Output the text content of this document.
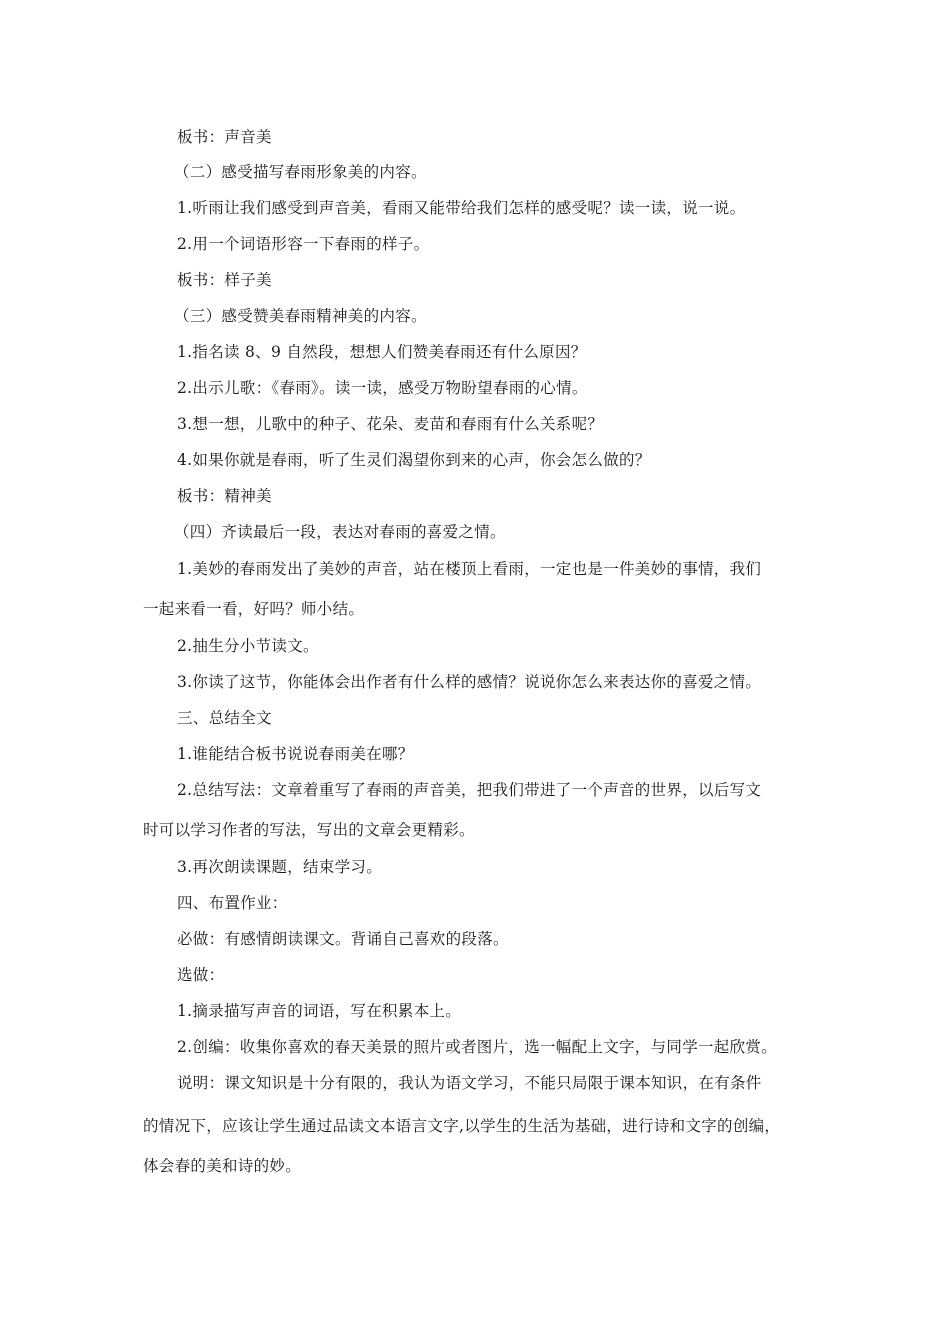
板书：声音美
（二）感受描写春雨形象美的内容。
1.听雨让我们感受到声音美，看雨又能带给我们怎样的感受呢？读一读，说一说。
2.用一个词语形容一下春雨的样子。
板书：样子美
（三）感受赞美春雨精神美的内容。
1.指名读 8、9 自然段，想想人们赞美春雨还有什么原因？
2.出示儿歌：《春雨》。读一读，感受万物盼望春雨的心情。
3.想一想，儿歌中的种子、花朵、麦苗和春雨有什么关系呢？
4.如果你就是春雨，听了生灵们渴望你到来的心声，你会怎么做的？
板书：精神美
（四）齐读最后一段，表达对春雨的喜爱之情。
1.美妙的春雨发出了美妙的声音，站在楼顶上看雨，一定也是一件美妙的事情，我们
一起来看一看，好吗？师小结。
2.抽生分小节读文。
3.你读了这节，你能体会出作者有什么样的感情？说说你怎么来表达你的喜爱之情。
三、总结全文
1.谁能结合板书说说春雨美在哪？
2.总结写法：文章着重写了春雨的声音美，把我们带进了一个声音的世界，以后写文
时可以学习作者的写法，写出的文章会更精彩。
3.再次朗读课题，结束学习。
四、布置作业：
必做：有感情朗读课文。背诵自己喜欢的段落。
选做：
1.摘录描写声音的词语，写在积累本上。
2.创编：收集你喜欢的春天美景的照片或者图片，选一幅配上文字，与同学一起欣赏。
说明：课文知识是十分有限的，我认为语文学习，不能只局限于课本知识，在有条件
的情况下，应该让学生通过品读文本语言文字,以学生的生活为基础，进行诗和文字的创编，
体会春的美和诗的妙。
